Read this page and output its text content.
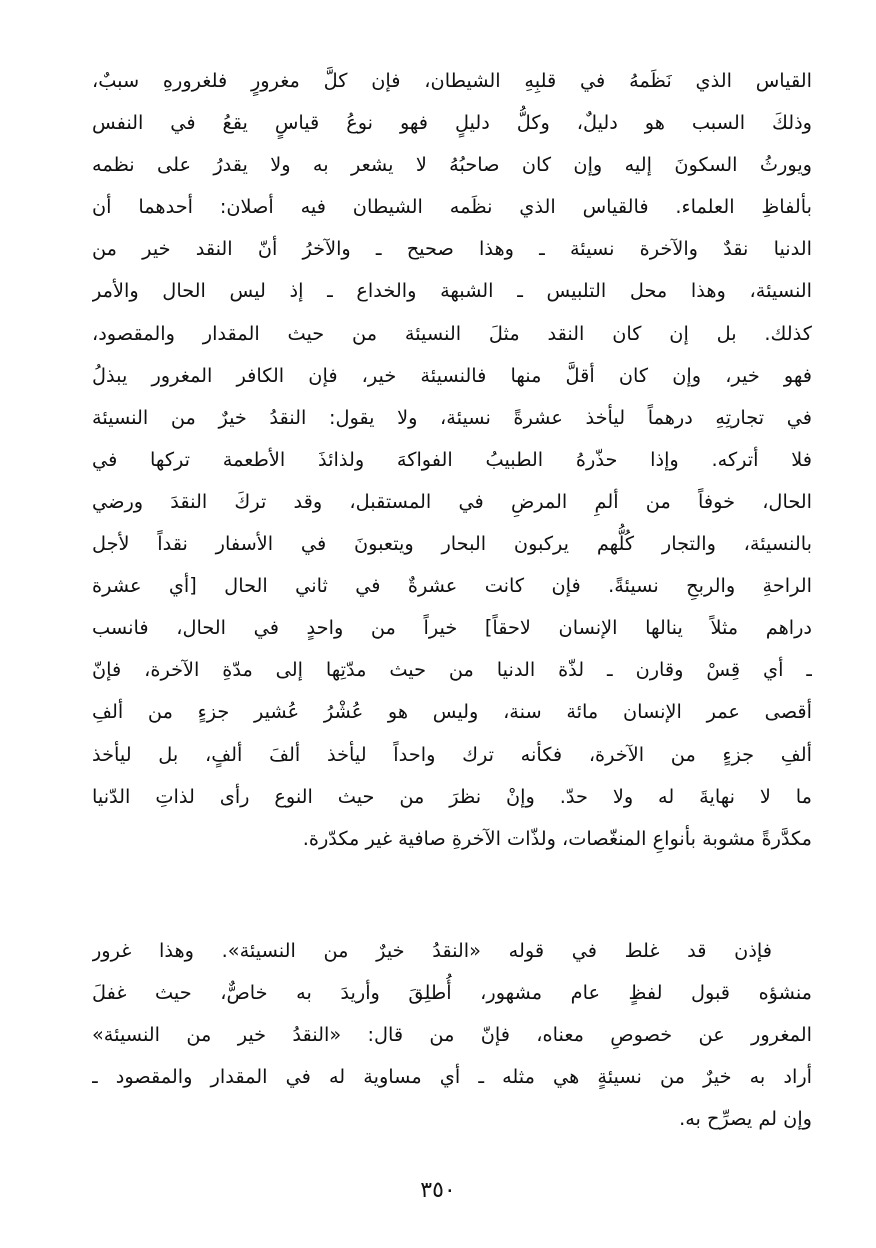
القياس الذي نَظَمهُ في قلبِهِ الشيطان، فإن كلَّ مغرورٍ فلغرورهِ سببٌ،
وذلكَ السبب هو دليلٌ، وكلُّ دليلٍ فهو نوعُ قياسٍ يقعُ في النفس
ويورثُ السكونَ إليه وإن كان صاحبُهُ لا يشعر به ولا يقدرُ على نظمه
بألفاظِ العلماء. فالقياس الذي نظَمه الشيطان فيه أصلان: أحدهما أن
الدنيا نقدٌ والآخرة نسيئة ـ وهذا صحيح ـ والآخرُ أنّ النقد خير من
النسيئة، وهذا محل التلبيس ـ الشبهة والخداع ـ إذ ليس الحال والأمر
كذلك. بل إن كان النقد مثلَ النسيئة من حيث المقدار والمقصود،
فهو خير، وإن كان أقلَّ منها فالنسيئة خير، فإن الكافر المغرور يبذلُ
في تجارتِهِ درهماً ليأخذ عشرةً نسيئة، ولا يقول: النقدُ خيرٌ من النسيئة
فلا أتركه. وإذا حذّرهُ الطبيبُ الفواكهَ ولذائذَ الأطعمة تركها في
الحال، خوفاً من ألمِ المرضِ في المستقبل، وقد تركَ النقدَ ورضي
بالنسيئة، والتجار كُلُّهم يركبون البحار ويتعبونَ في الأسفار نقداً لأجل
الراحةِ والربحِ نسيئةً. فإن كانت عشرةٌ في ثاني الحال [أي عشرة
دراهم مثلاً ينالها الإنسان لاحقاً] خيراً من واحدٍ في الحال، فانسب
ـ أي قِسْ وقارن ـ لذّة الدنيا من حيث مدّتِها إلى مدّةِ الآخرة، فإنّ
أقصى عمر الإنسان مائة سنة، وليس هو عُشْرُ عُشير جزءٍ من ألفِ
ألفِ جزءٍ من الآخرة، فكأنه ترك واحداً ليأخذ ألفَ ألفٍ، بل ليأخذ
ما لا نهايةَ له ولا حدّ. وإنْ نظرَ من حيث النوع رأى لذاتِ الدّنيا
مكدَّرةً مشوبة بأنواعِ المنغّصات، ولذّات الآخرةِ صافية غير مكدّرة.
فإذن قد غلط في قوله «النقدُ خيرٌ من النسيئة». وهذا غرور
منشؤه قبول لفظٍ عام مشهور، أُطلِقَ وأريدَ به خاصٌّ، حيث غفلَ
المغرور عن خصوصِ معناه، فإنّ من قال: «النقدُ خير من النسيئة»
أراد به خيرٌ من نسيئةٍ هي مثله ـ أي مساوية له في المقدار والمقصود ـ
وإن لم يصرِّح به.
٣٥٠
